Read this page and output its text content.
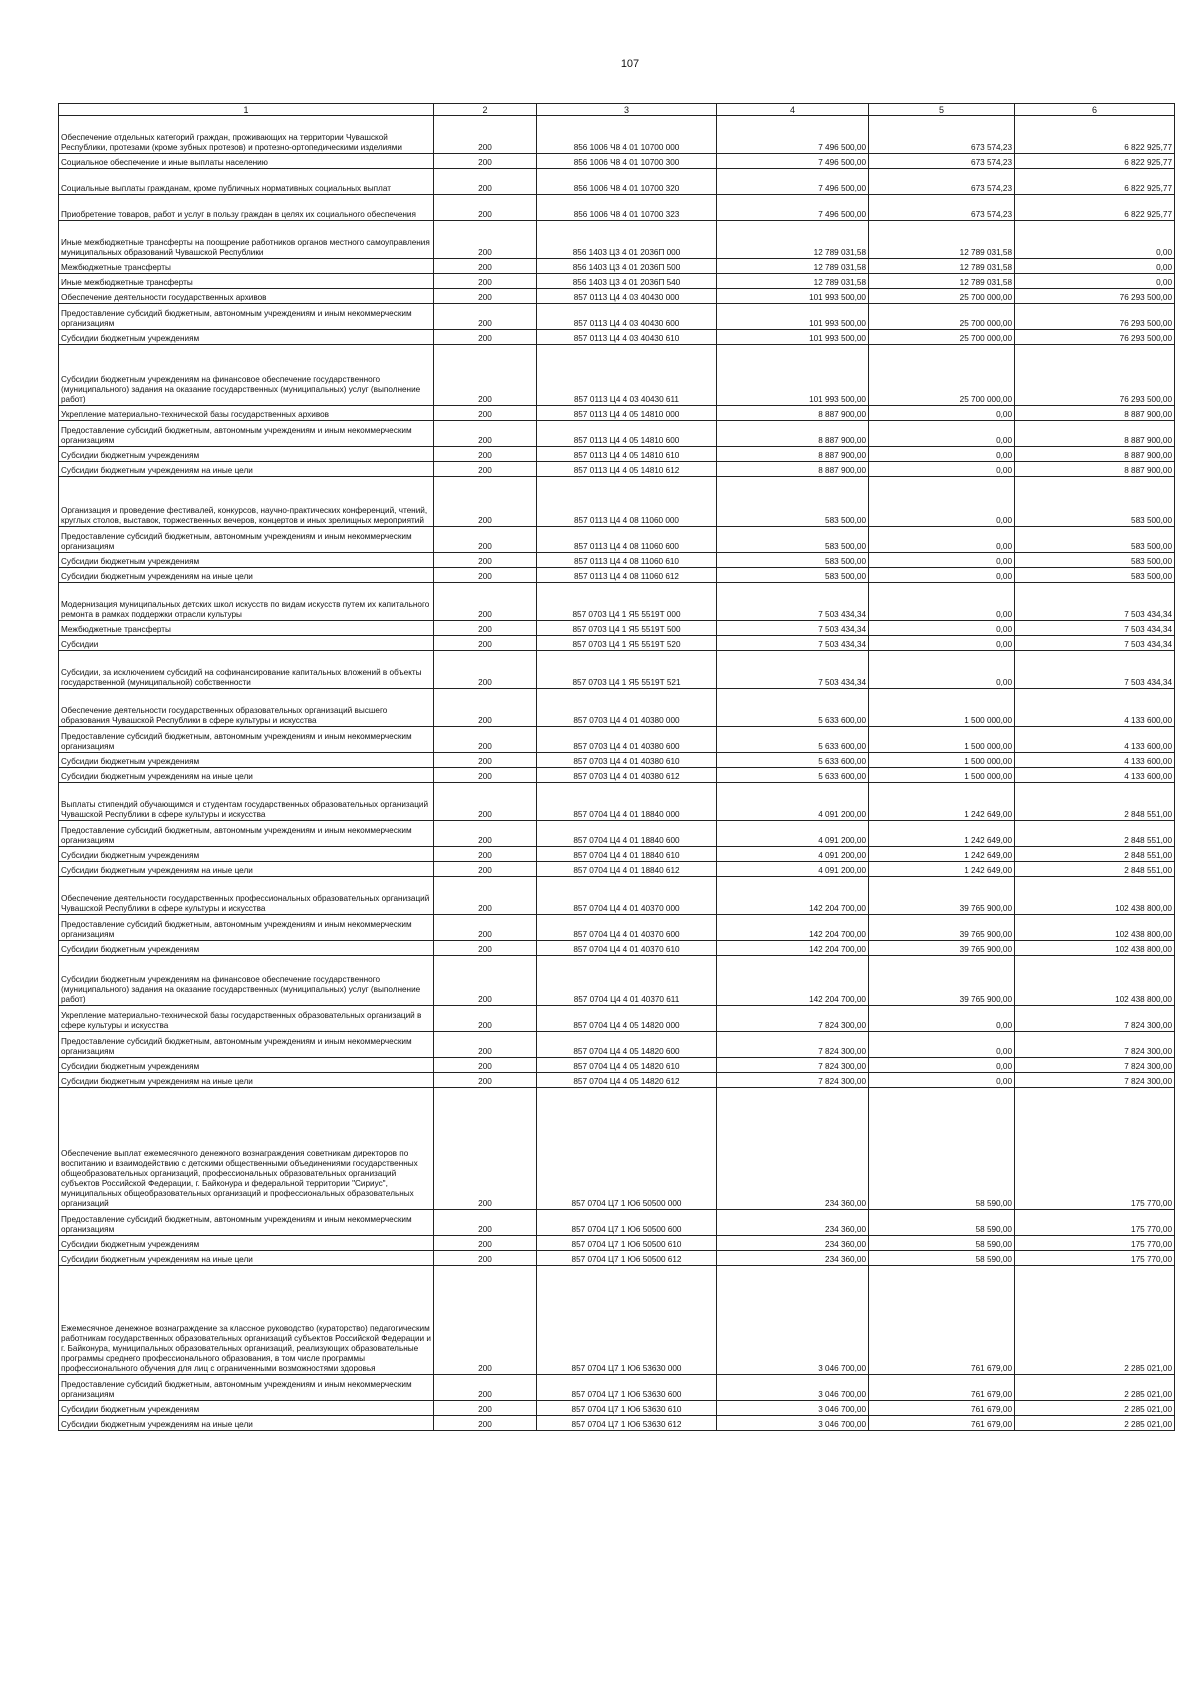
107
1	2	3	4	5	6
Обеспечение отдельных категорий граждан, проживающих на территории Чувашской Республики, протезами (кроме зубных протезов) и протезно-ортопедическими изделиями	200	856 1006 Ч8 4 01 10700 000	7 496 500,00	673 574,23	6 822 925,77
Социальное обеспечение и иные выплаты населению	200	856 1006 Ч8 4 01 10700 300	7 496 500,00	673 574,23	6 822 925,77
Социальные выплаты гражданам, кроме публичных нормативных социальных выплат	200	856 1006 Ч8 4 01 10700 320	7 496 500,00	673 574,23	6 822 925,77
Приобретение товаров, работ и услуг в пользу граждан в целях их социального обеспечения	200	856 1006 Ч8 4 01 10700 323	7 496 500,00	673 574,23	6 822 925,77
Иные межбюджетные трансферты на поощрение работников органов местного самоуправления муниципальных образований Чувашской Республики	200	856 1403 Ц3 4 01 2036П 000	12 789 031,58	12 789 031,58	0,00
Межбюджетные трансферты	200	856 1403 Ц3 4 01 2036П 500	12 789 031,58	12 789 031,58	0,00
Иные межбюджетные трансферты	200	856 1403 Ц3 4 01 2036П 540	12 789 031,58	12 789 031,58	0,00
Обеспечение деятельности государственных архивов	200	857 0113 Ц4 4 03 40430 000	101 993 500,00	25 700 000,00	76 293 500,00
Предоставление субсидий бюджетным, автономным учреждениям и иным некоммерческим организациям	200	857 0113 Ц4 4 03 40430 600	101 993 500,00	25 700 000,00	76 293 500,00
Субсидии бюджетным учреждениям	200	857 0113 Ц4 4 03 40430 610	101 993 500,00	25 700 000,00	76 293 500,00
Субсидии бюджетным учреждениям на финансовое обеспечение государственного (муниципального) задания на оказание государственных (муниципальных) услуг (выполнение работ)	200	857 0113 Ц4 4 03 40430 611	101 993 500,00	25 700 000,00	76 293 500,00
Укрепление материально-технической базы государственных архивов	200	857 0113 Ц4 4 05 14810 000	8 887 900,00	0,00	8 887 900,00
Предоставление субсидий бюджетным, автономным учреждениям и иным некоммерческим организациям	200	857 0113 Ц4 4 05 14810 600	8 887 900,00	0,00	8 887 900,00
Субсидии бюджетным учреждениям	200	857 0113 Ц4 4 05 14810 610	8 887 900,00	0,00	8 887 900,00
Субсидии бюджетным учреждениям на иные цели	200	857 0113 Ц4 4 05 14810 612	8 887 900,00	0,00	8 887 900,00
Организация и проведение фестивалей, конкурсов, научно-практических конференций, чтений, круглых столов, выставок, торжественных вечеров, концертов и иных зрелищных мероприятий	200	857 0113 Ц4 4 08 11060 000	583 500,00	0,00	583 500,00
Предоставление субсидий бюджетным, автономным учреждениям и иным некоммерческим организациям	200	857 0113 Ц4 4 08 11060 600	583 500,00	0,00	583 500,00
Субсидии бюджетным учреждениям	200	857 0113 Ц4 4 08 11060 610	583 500,00	0,00	583 500,00
Субсидии бюджетным учреждениям на иные цели	200	857 0113 Ц4 4 08 11060 612	583 500,00	0,00	583 500,00
Модернизация муниципальных детских школ искусств по видам искусств путем их капитального ремонта в рамках поддержки отрасли культуры	200	857 0703 Ц4 1 Я5 5519Т 000	7 503 434,34	0,00	7 503 434,34
Межбюджетные трансферты	200	857 0703 Ц4 1 Я5 5519Т 500	7 503 434,34	0,00	7 503 434,34
Субсидии	200	857 0703 Ц4 1 Я5 5519Т 520	7 503 434,34	0,00	7 503 434,34
Субсидии, за исключением субсидий на софинансирование капитальных вложений в объекты государственной (муниципальной) собственности	200	857 0703 Ц4 1 Я5 5519Т 521	7 503 434,34	0,00	7 503 434,34
Обеспечение деятельности государственных образовательных организаций высшего образования Чувашской Республики в сфере культуры и искусства	200	857 0703 Ц4 4 01 40380 000	5 633 600,00	1 500 000,00	4 133 600,00
Предоставление субсидий бюджетным, автономным учреждениям и иным некоммерческим организациям	200	857 0703 Ц4 4 01 40380 600	5 633 600,00	1 500 000,00	4 133 600,00
Субсидии бюджетным учреждениям	200	857 0703 Ц4 4 01 40380 610	5 633 600,00	1 500 000,00	4 133 600,00
Субсидии бюджетным учреждениям на иные цели	200	857 0703 Ц4 4 01 40380 612	5 633 600,00	1 500 000,00	4 133 600,00
Выплаты стипендий обучающимся и студентам государственных образовательных организаций Чувашской Республики в сфере культуры и искусства	200	857 0704 Ц4 4 01 18840 000	4 091 200,00	1 242 649,00	2 848 551,00
Предоставление субсидий бюджетным, автономным учреждениям и иным некоммерческим организациям	200	857 0704 Ц4 4 01 18840 600	4 091 200,00	1 242 649,00	2 848 551,00
Субсидии бюджетным учреждениям	200	857 0704 Ц4 4 01 18840 610	4 091 200,00	1 242 649,00	2 848 551,00
Субсидии бюджетным учреждениям на иные цели	200	857 0704 Ц4 4 01 18840 612	4 091 200,00	1 242 649,00	2 848 551,00
Обеспечение деятельности государственных профессиональных образовательных организаций Чувашской Республики в сфере культуры и искусства	200	857 0704 Ц4 4 01 40370 000	142 204 700,00	39 765 900,00	102 438 800,00
Предоставление субсидий бюджетным, автономным учреждениям и иным некоммерческим организациям	200	857 0704 Ц4 4 01 40370 600	142 204 700,00	39 765 900,00	102 438 800,00
Субсидии бюджетным учреждениям	200	857 0704 Ц4 4 01 40370 610	142 204 700,00	39 765 900,00	102 438 800,00
Субсидии бюджетным учреждениям на финансовое обеспечение государственного (муниципального) задания на оказание государственных (муниципальных) услуг (выполнение работ)	200	857 0704 Ц4 4 01 40370 611	142 204 700,00	39 765 900,00	102 438 800,00
Укрепление материально-технической базы государственных образовательных организаций в сфере культуры и искусства	200	857 0704 Ц4 4 05 14820 000	7 824 300,00	0,00	7 824 300,00
Предоставление субсидий бюджетным, автономным учреждениям и иным некоммерческим организациям	200	857 0704 Ц4 4 05 14820 600	7 824 300,00	0,00	7 824 300,00
Субсидии бюджетным учреждениям	200	857 0704 Ц4 4 05 14820 610	7 824 300,00	0,00	7 824 300,00
Субсидии бюджетным учреждениям на иные цели	200	857 0704 Ц4 4 05 14820 612	7 824 300,00	0,00	7 824 300,00
Обеспечение выплат ежемесячного денежного вознаграждения советникам директоров по воспитанию и взаимодействию с детскими общественными объединениями государственных общеобразовательных организаций, профессиональных образовательных организаций субъектов Российской Федерации, г. Байконура и федеральной территории "Сириус", муниципальных общеобразовательных организаций и профессиональных образовательных организаций	200	857 0704 Ц7 1 Ю6 50500 000	234 360,00	58 590,00	175 770,00
Предоставление субсидий бюджетным, автономным учреждениям и иным некоммерческим организациям	200	857 0704 Ц7 1 Ю6 50500 600	234 360,00	58 590,00	175 770,00
Субсидии бюджетным учреждениям	200	857 0704 Ц7 1 Ю6 50500 610	234 360,00	58 590,00	175 770,00
Субсидии бюджетным учреждениям на иные цели	200	857 0704 Ц7 1 Ю6 50500 612	234 360,00	58 590,00	175 770,00
Ежемесячное денежное вознаграждение за классное руководство (кураторство) педагогическим работникам государственных образовательных организаций субъектов Российской Федерации и г. Байконура, муниципальных образовательных организаций, реализующих образовательные программы среднего профессионального образования, в том числе программы профессионального обучения для лиц с ограниченными возможностями здоровья	200	857 0704 Ц7 1 Ю6 53630 000	3 046 700,00	761 679,00	2 285 021,00
Предоставление субсидий бюджетным, автономным учреждениям и иным некоммерческим организациям	200	857 0704 Ц7 1 Ю6 53630 600	3 046 700,00	761 679,00	2 285 021,00
Субсидии бюджетным учреждениям	200	857 0704 Ц7 1 Ю6 53630 610	3 046 700,00	761 679,00	2 285 021,00
Субсидии бюджетным учреждениям на иные цели	200	857 0704 Ц7 1 Ю6 53630 612	3 046 700,00	761 679,00	2 285 021,00
